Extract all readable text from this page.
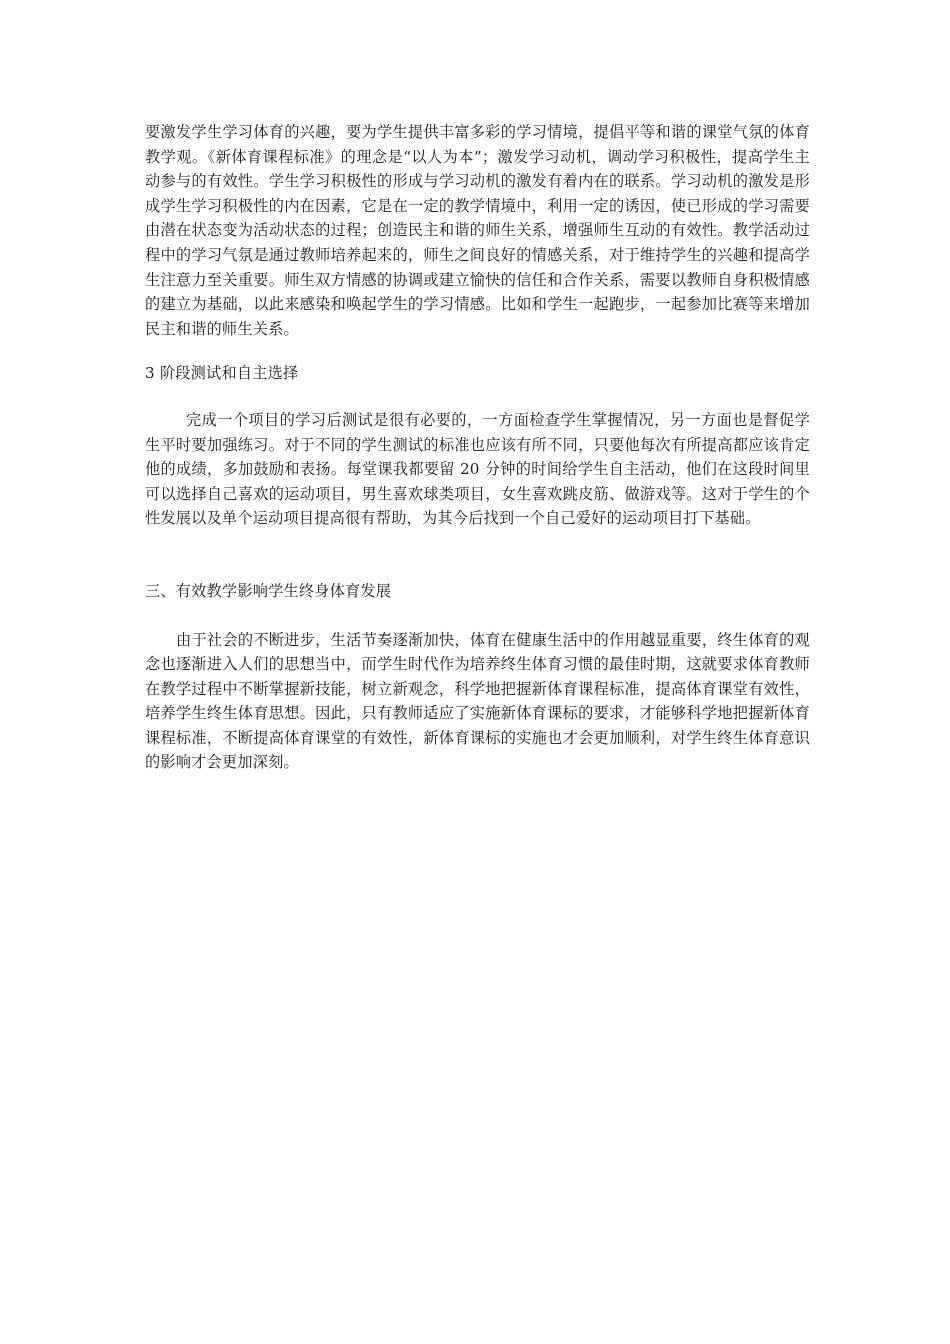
要激发学生学习体育的兴趣，要为学生提供丰富多彩的学习情境，提倡平等和谐的课堂气氛的体育教学观。《新体育课程标准》的理念是“以人为本”；激发学习动机，调动学习积极性，提高学生主动参与的有效性。学生学习积极性的形成与学习动机的激发有着内在的联系。学习动机的激发是形成学生学习积极性的内在因素，它是在一定的教学情境中，利用一定的诱因，使已形成的学习需要由潜在状态变为活动状态的过程；创造民主和谐的师生关系，增强师生互动的有效性。教学活动过程中的学习气氛是通过教师培养起来的，师生之间良好的情感关系，对于维持学生的兴趣和提高学生注意力至关重要。师生双方情感的协调或建立愉快的信任和合作关系，需要以教师自身积极情感的建立为基础，以此来感染和唤起学生的学习情感。比如和学生一起跑步，一起参加比赛等来增加民主和谐的师生关系。

3 阶段测试和自主选择

完成一个项目的学习后测试是很有必要的，一方面检查学生掌握情况，另一方面也是督促学生平时要加强练习。对于不同的学生测试的标准也应该有所不同，只要他每次有所提高都应该肯定他的成绩，多加鼓励和表扬。每堂课我都要留 20 分钟的时间给学生自主活动，他们在这段时间里可以选择自己喜欢的运动项目，男生喜欢球类项目，女生喜欢跳皮筋、做游戏等。这对于学生的个性发展以及单个运动项目提高很有帮助，为其今后找到一个自己爱好的运动项目打下基础。

三、有效教学影响学生终身体育发展

由于社会的不断进步，生活节奏逐渐加快，体育在健康生活中的作用越显重要，终生体育的观念也逐渐进入人们的思想当中，而学生时代作为培养终生体育习惯的最佳时期，这就要求体育教师在教学过程中不断掌握新技能，树立新观念，科学地把握新体育课程标准，提高体育课堂有效性，培养学生终生体育思想。因此，只有教师适应了实施新体育课标的要求，才能够科学地把握新体育课程标准，不断提高体育课堂的有效性，新体育课标的实施也才会更加顺利，对学生终生体育意识的影响才会更加深刻。
